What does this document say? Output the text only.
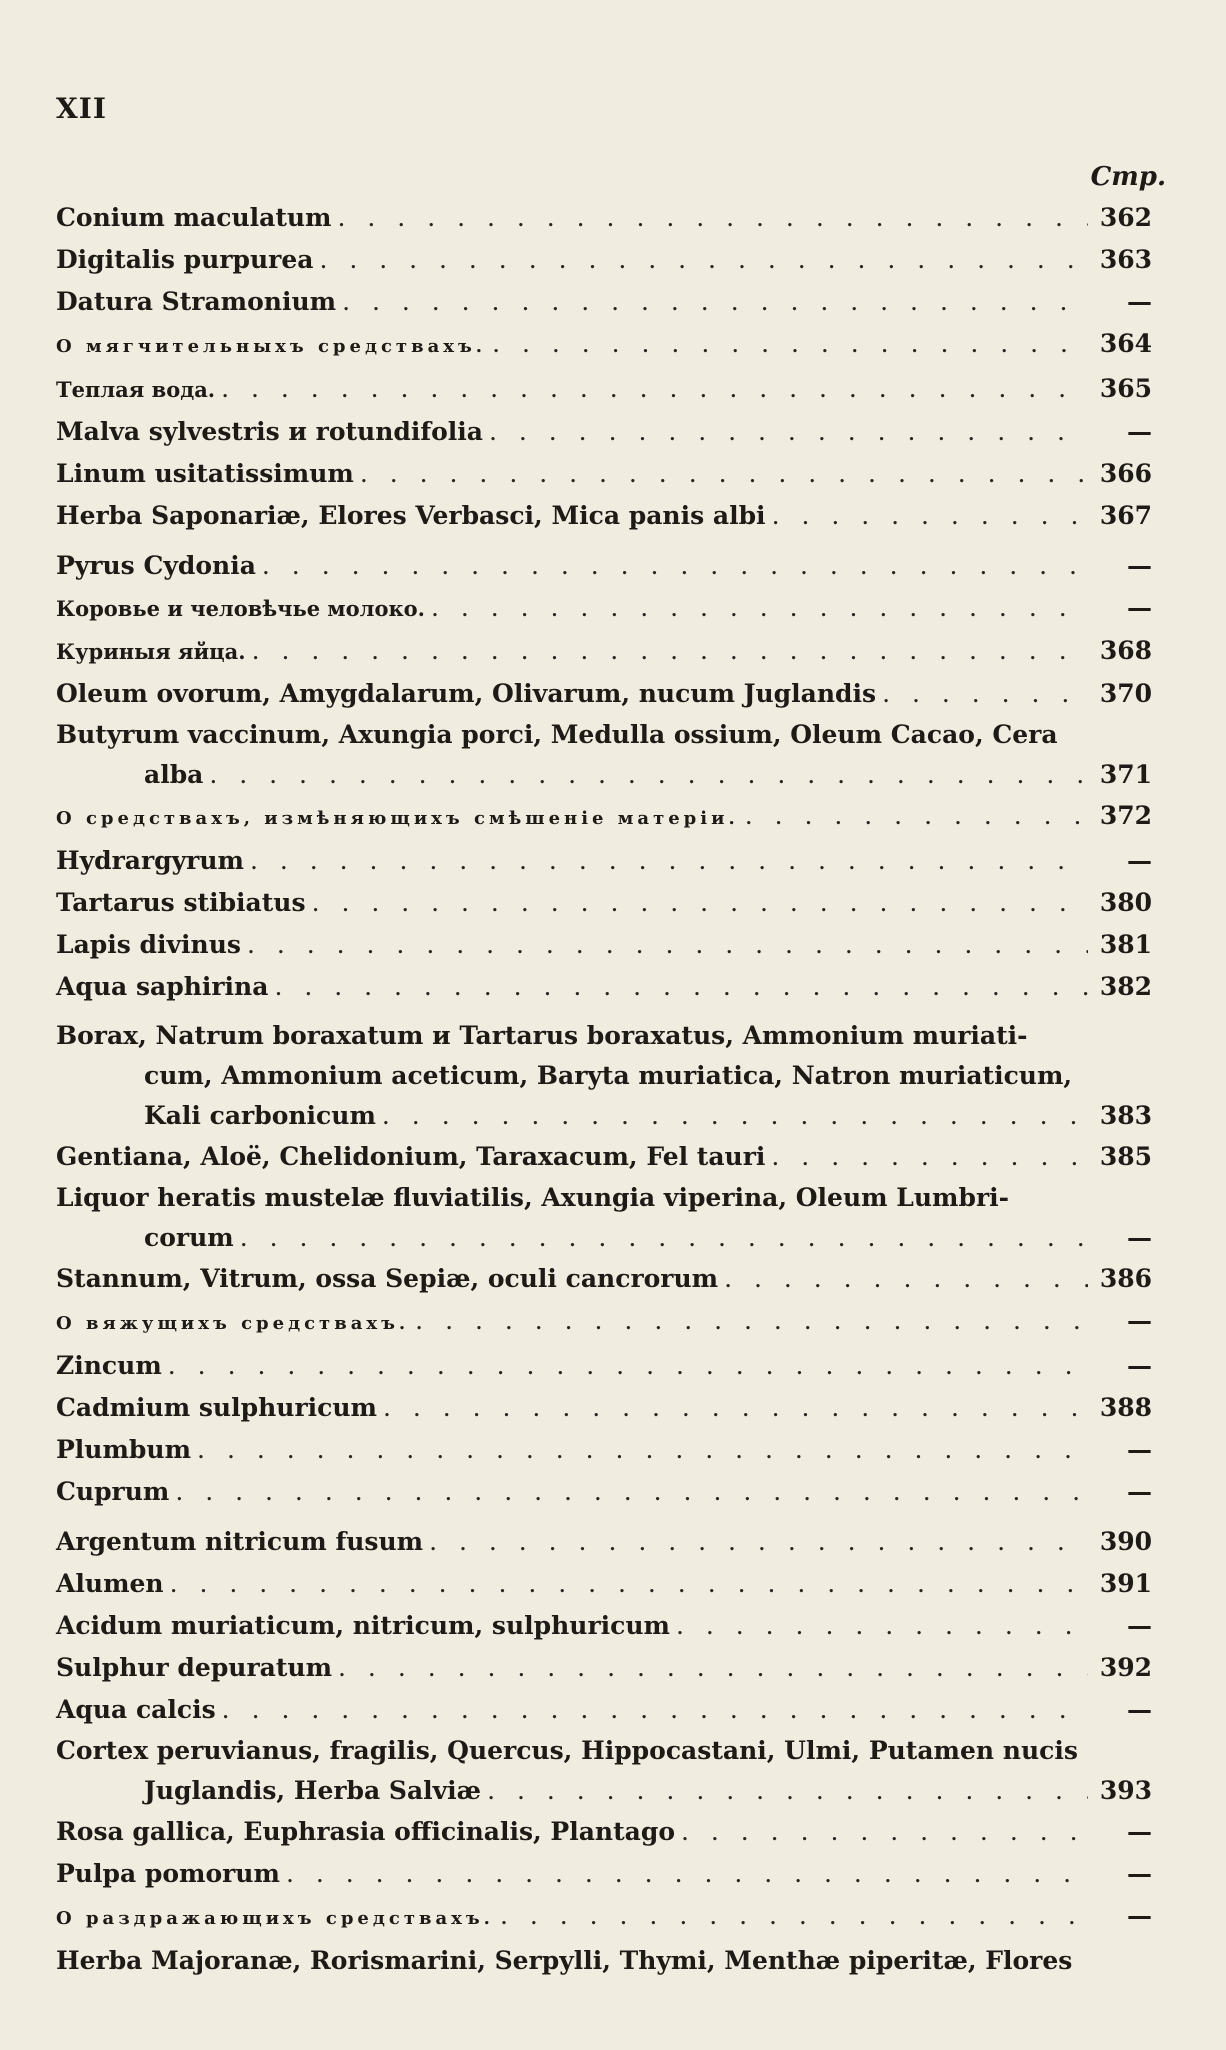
XII
Стр.
Conium maculatum . . .	362
Digitalis purpurea . . .	363
Datura Stramonium . . .	—
О мягчительныхъ средствахъ. . . .	364
Теплая вода. . . .	365
Malva sylvestris и rotundifolia . . .	—
Linum usitatissimum . . .	366
Herba Saponariæ, Elores Verbasci, Mica panis albi . . .	367
Pyrus Cydonia . . .	—
Коровье и человѣчье молоко. . . .	—
Куриныя яйца. . . .	368
Oleum ovorum, Amygdalarum, Olivarum, nucum Juglandis . . .	370
Butyrum vaccinum, Axungia porci, Medulla ossium, Oleum Cacao, Cera
alba . . .	371
О средствахъ, измѣняющихъ смѣшенiе матерiи. . . .	372
Hydrargyrum . . .	—
Tartarus stibiatus . . .	380
Lapis divinus . . .	381
Aqua saphirina . . .	382
Borax, Natrum boraxatum и Tartarus boraxatus, Ammonium muriati-
cum, Ammonium aceticum, Baryta muriatica, Natron muriaticum,
Kali carbonicum . . .	383
Gentiana, Aloë, Chelidonium, Taraxacum, Fel tauri . . .	385
Liquor heratis mustelæ fluviatilis, Axungia viperina, Oleum Lumbri-
corum . . .	—
Stannum, Vitrum, ossa Sepiæ, oculi cancrorum . . .	386
О вяжущихъ средствахъ. . . .	—
Zincum . . .	—
Cadmium sulphuricum . . .	388
Plumbum . . .	—
Cuprum . . .	—
Argentum nitricum fusum . . .	390
Alumen . . .	391
Acidum muriaticum, nitricum, sulphuricum . . .	—
Sulphur depuratum . . .	392
Aqua calcis . . .	—
Cortex peruvianus, fragilis, Quercus, Hippocastani, Ulmi, Putamen nucis
Juglandis, Herba Salviæ . . .	393
Rosa gallica, Euphrasia officinalis, Plantago . . .	—
Pulpa pomorum . . .	—
О раздражающихъ средствахъ. . . .	—
Herba Majoranæ, Rorismarini, Serpylli, Thymi, Menthæ piperitæ, Flores
